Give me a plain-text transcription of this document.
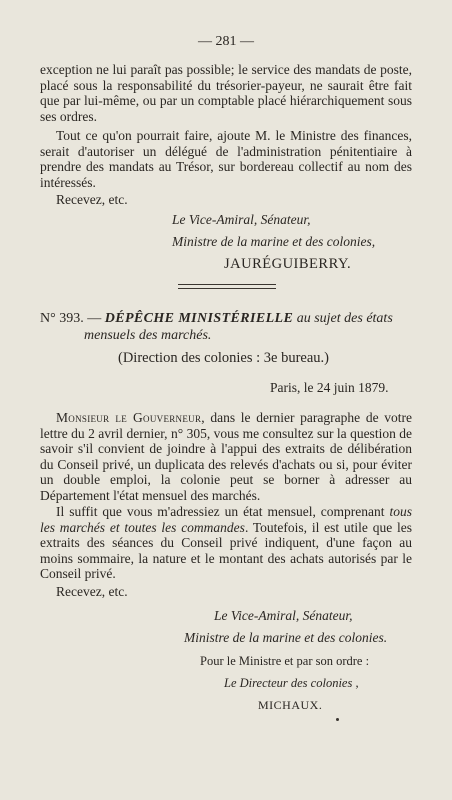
— 281 —
exception ne lui paraît pas possible; le service des mandats de poste, placé sous la responsabilité du trésorier-payeur, ne saurait être fait que par lui-même, ou par un comptable placé hiérarchiquement sous ses ordres.
Tout ce qu'on pourrait faire, ajoute M. le Ministre des finances, serait d'autoriser un délégué de l'administration pénitentiaire à prendre des mandats au Trésor, sur bordereau collectif au nom des intéressés.
Recevez, etc.
Le Vice-Amiral, Sénateur,
Ministre de la marine et des colonies,
JAURÉGUIBERRY.
N° 393. — DÉPÊCHE MINISTÉRIELLE au sujet des états
mensuels des marchés.
(Direction des colonies : 3e bureau.)
Paris, le 24 juin 1879.
Monsieur le Gouverneur, dans le dernier paragraphe de votre lettre du 2 avril dernier, n° 305, vous me consultez sur la question de savoir s'il convient de joindre à l'appui des extraits de délibération du Conseil privé, un duplicata des relevés d'achats ou si, pour éviter un double emploi, la colonie peut se borner à adresser au Département l'état mensuel des marchés.
Il suffit que vous m'adressiez un état mensuel, comprenant tous les marchés et toutes les commandes. Toutefois, il est utile que les extraits des séances du Conseil privé indiquent, d'une façon au moins sommaire, la nature et le montant des achats autorisés par le Conseil privé.
Recevez, etc.
Le Vice-Amiral, Sénateur,
Ministre de la marine et des colonies.
Pour le Ministre et par son ordre :
Le Directeur des colonies ,
MICHAUX.
